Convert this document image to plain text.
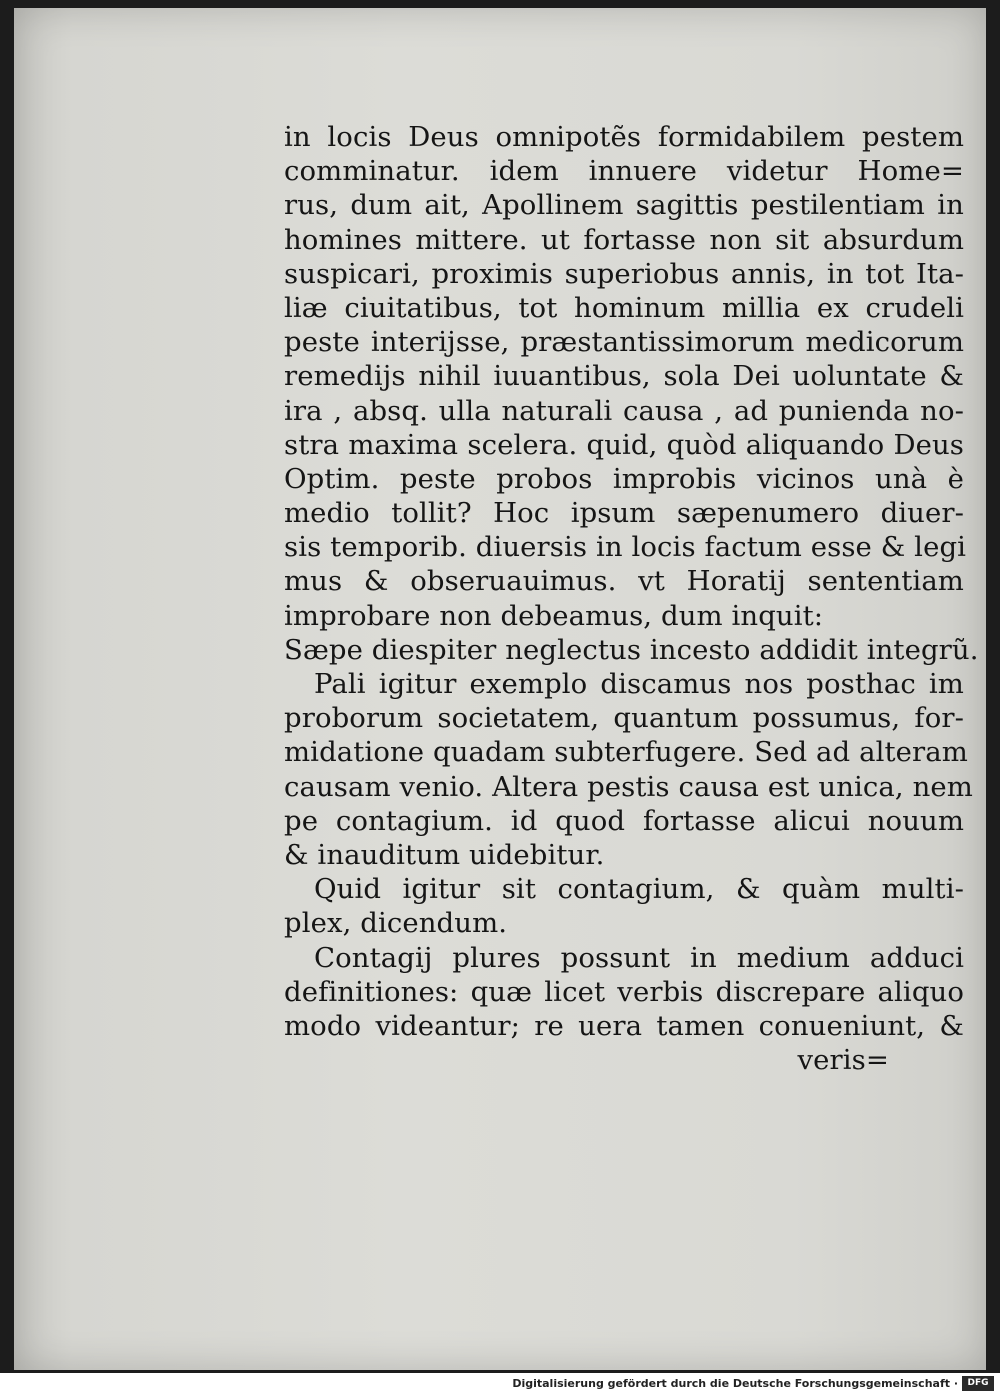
in locis Deus omnipotẽs formidabilem pestem
comminatur. idem innuere videtur Home=
rus, dum ait, Apollinem sagittis pestilentiam in
homines mittere. ut fortasse non sit absurdum
suspicari, proximis superiobus annis, in tot Ita-
liæ ciuitatibus, tot hominum millia ex crudeli
peste interijsse, præstantissimorum medicorum
remedijs nihil iuuantibus, sola Dei uoluntate &
ira , absq. ulla naturali causa , ad punienda no-
stra maxima scelera. quid, quòd aliquando Deus
Optim. peste probos improbis vicinos unà è
medio tollit? Hoc ipsum sæpenumero diuer-
sis temporib. diuersis in locis factum esse & legi
mus & obseruauimus. vt Horatij sententiam
improbare non debeamus, dum inquit:
Sæpe diespiter neglectus incesto addidit integrũ.
Pali igitur exemplo discamus nos posthac im
proborum societatem, quantum possumus, for-
midatione quadam subterfugere. Sed ad alteram
causam venio. Altera pestis causa est unica, nem
pe contagium. id quod fortasse alicui nouum
& inauditum uidebitur.
Quid igitur sit contagium, & quàm multi-
plex, dicendum.
Contagij plures possunt in medium adduci
definitiones: quæ licet verbis discrepare aliquo
modo videantur; re uera tamen conueniunt, &
veris=
Digitalisierung gefördert durch die Deutsche Forschungsgemeinschaft ·	DFG
